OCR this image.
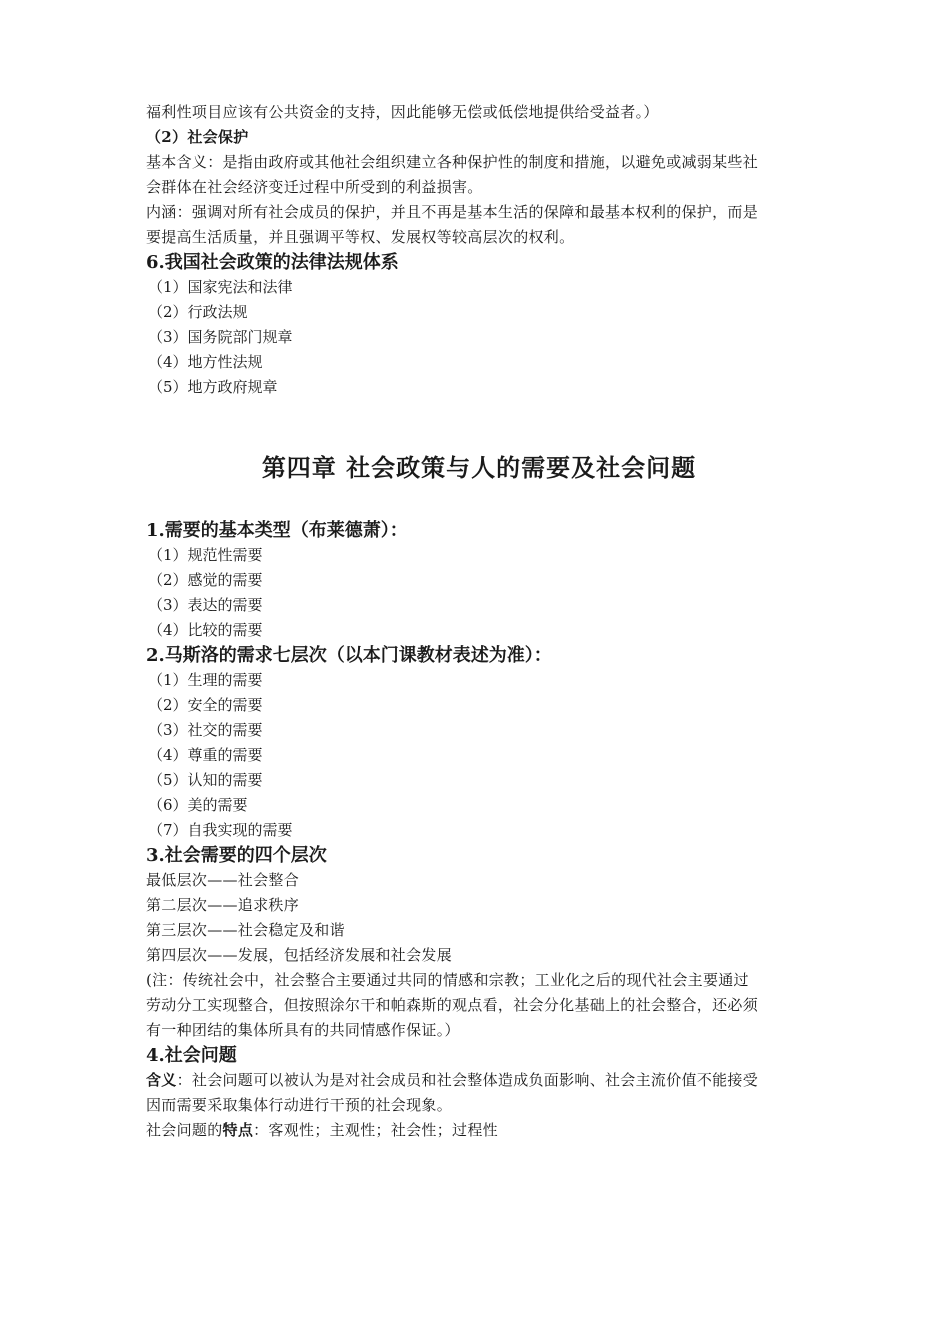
福利性项目应该有公共资金的支持，因此能够无偿或低偿地提供给受益者。）
（2）社会保护
基本含义：是指由政府或其他社会组织建立各种保护性的制度和措施，以避免或减弱某些社
会群体在社会经济变迁过程中所受到的利益损害。
内涵：强调对所有社会成员的保护，并且不再是基本生活的保障和最基本权利的保护，而是
要提高生活质量，并且强调平等权、发展权等较高层次的权利。
6.我国社会政策的法律法规体系
（1）国家宪法和法律
（2）行政法规
（3）国务院部门规章
（4）地方性法规
（5）地方政府规章
第四章 社会政策与人的需要及社会问题
1.需要的基本类型（布莱德萧）：
（1）规范性需要
（2）感觉的需要
（3）表达的需要
（4）比较的需要
2.马斯洛的需求七层次（以本门课教材表述为准）：
（1）生理的需要
（2）安全的需要
（3）社交的需要
（4）尊重的需要
（5）认知的需要
（6）美的需要
（7）自我实现的需要
3.社会需要的四个层次
最低层次——社会整合
第二层次——追求秩序
第三层次——社会稳定及和谐
第四层次——发展，包括经济发展和社会发展
(注：传统社会中，社会整合主要通过共同的情感和宗教；工业化之后的现代社会主要通过
劳动分工实现整合，但按照涂尔干和帕森斯的观点看，社会分化基础上的社会整合，还必须
有一种团结的集体所具有的共同情感作保证。）
4.社会问题
含义：社会问题可以被认为是对社会成员和社会整体造成负面影响、社会主流价值不能接受
因而需要采取集体行动进行干预的社会现象。
社会问题的特点：客观性；主观性；社会性；过程性
